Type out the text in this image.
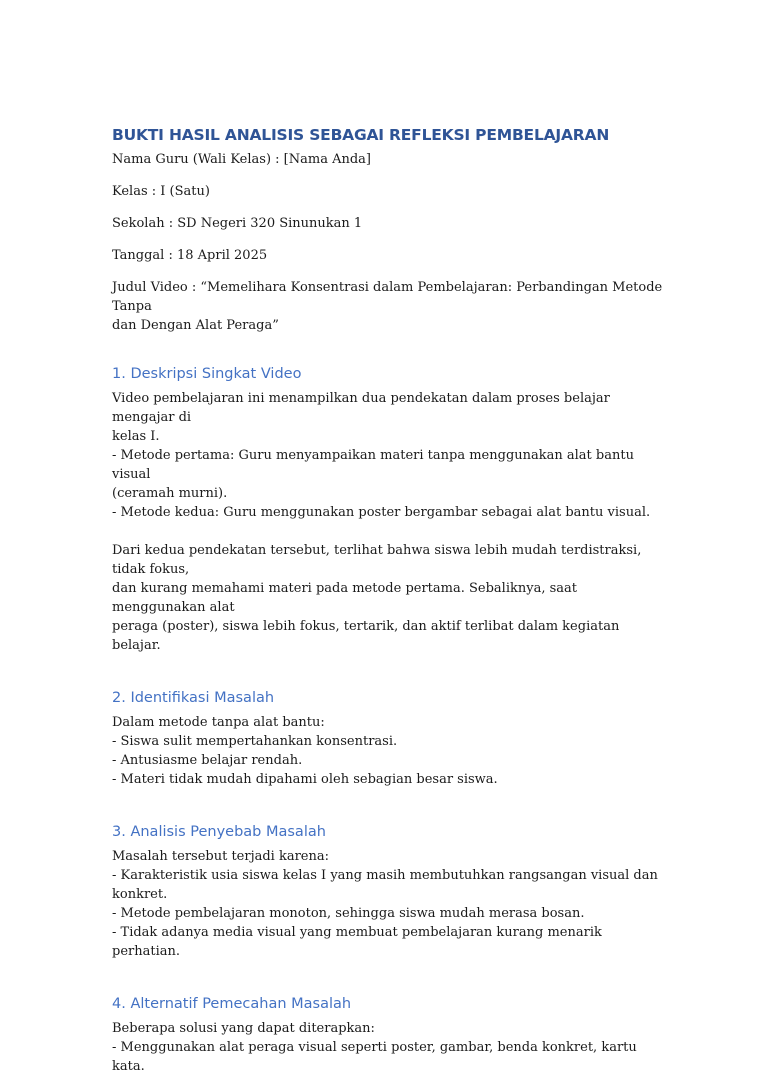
BUKTI HASIL ANALISIS SEBAGAI REFLEKSI PEMBELAJARAN

Nama Guru (Wali Kelas) : [Nama Anda]

Kelas : I (Satu)

Sekolah : SD Negeri 320 Sinunukan 1

Tanggal : 18 April 2025

Judul Video : “Memelihara Konsentrasi dalam Pembelajaran: Perbandingan Metode Tanpa
dan Dengan Alat Peraga”

1. Deskripsi Singkat Video

Video pembelajaran ini menampilkan dua pendekatan dalam proses belajar mengajar di
kelas I.
- Metode pertama: Guru menyampaikan materi tanpa menggunakan alat bantu visual
(ceramah murni).
- Metode kedua: Guru menggunakan poster bergambar sebagai alat bantu visual.

Dari kedua pendekatan tersebut, terlihat bahwa siswa lebih mudah terdistraksi, tidak fokus,
dan kurang memahami materi pada metode pertama. Sebaliknya, saat menggunakan alat
peraga (poster), siswa lebih fokus, tertarik, dan aktif terlibat dalam kegiatan belajar.

2. Identifikasi Masalah

Dalam metode tanpa alat bantu:
- Siswa sulit mempertahankan konsentrasi.
- Antusiasme belajar rendah.
- Materi tidak mudah dipahami oleh sebagian besar siswa.

3. Analisis Penyebab Masalah

Masalah tersebut terjadi karena:
- Karakteristik usia siswa kelas I yang masih membutuhkan rangsangan visual dan konkret.
- Metode pembelajaran monoton, sehingga siswa mudah merasa bosan.
- Tidak adanya media visual yang membuat pembelajaran kurang menarik perhatian.

4. Alternatif Pemecahan Masalah

Beberapa solusi yang dapat diterapkan:
- Menggunakan alat peraga visual seperti poster, gambar, benda konkret, kartu kata.
